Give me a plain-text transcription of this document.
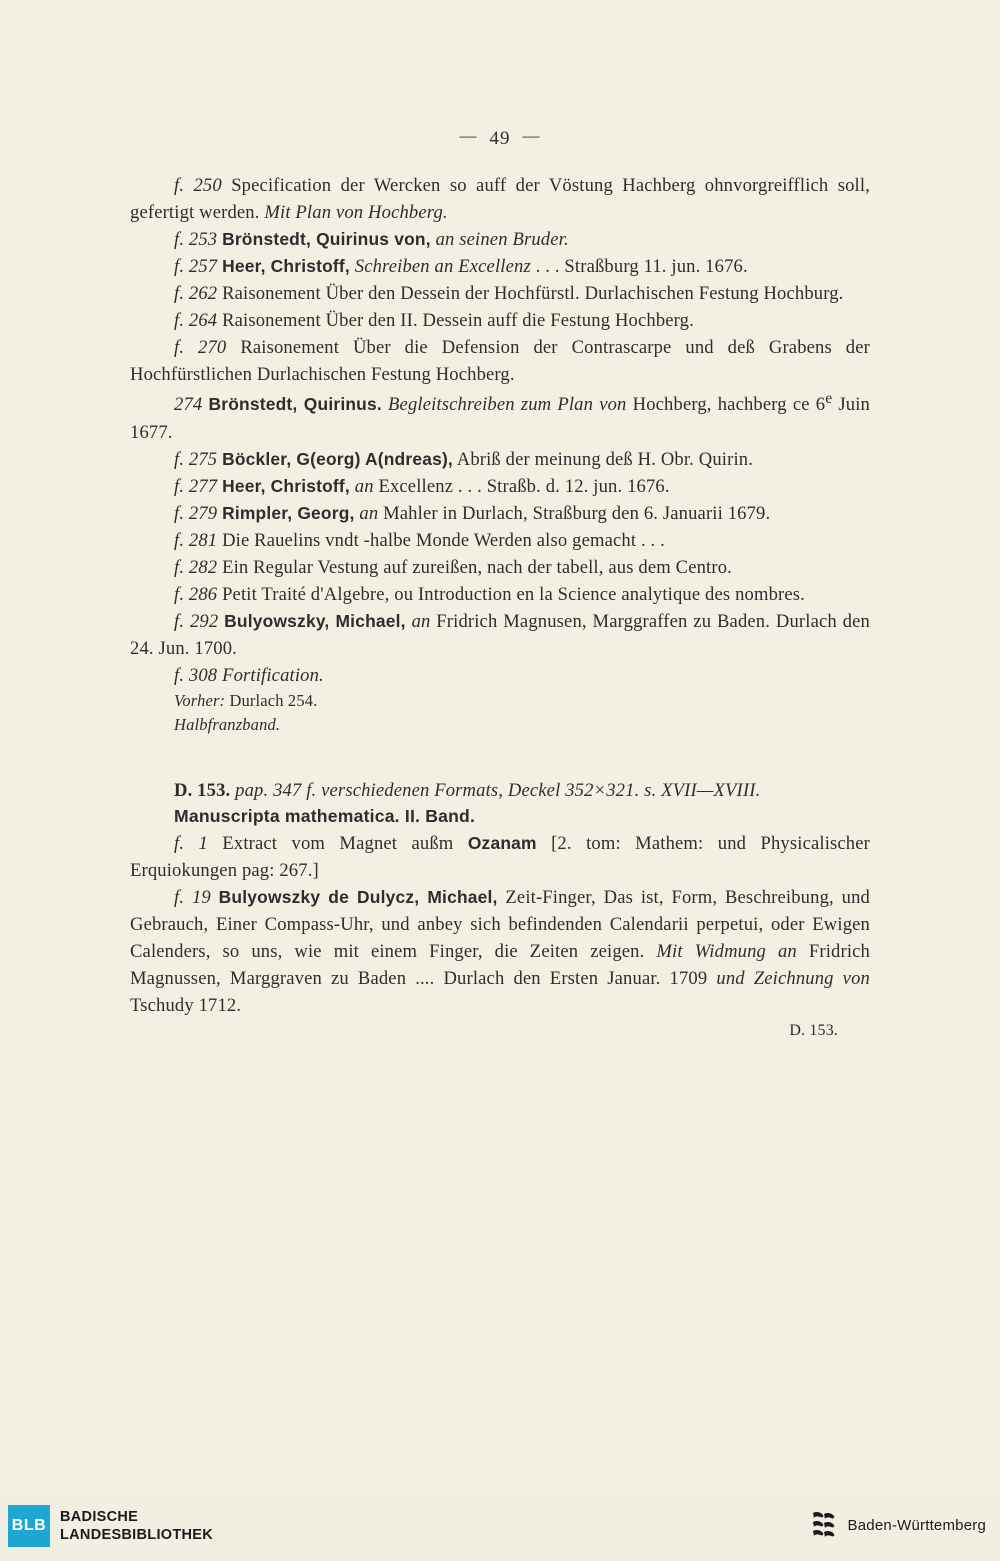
— 49 —

f. 250 Specification der Wercken so auff der Vöstung Hachberg ohnvorgreifflich soll, gefertigt werden. Mit Plan von Hochberg.

f. 253 Brönstedt, Quirinus von, an seinen Bruder.

f. 257 Heer, Christoff, Schreiben an Excellenz . . . Straßburg 11. jun. 1676.

f. 262 Raisonement Über den Dessein der Hochfürstl. Durlachischen Festung Hochburg.

f. 264 Raisonement Über den II. Dessein auff die Festung Hochberg.

f. 270 Raisonement Über die Defension der Contrascarpe und deß Grabens der Hochfürstlichen Durlachischen Festung Hochberg.

274 Brönstedt, Quirinus. Begleitschreiben zum Plan von Hochberg, hachberg ce 6e Juin 1677.

f. 275 Böckler, G(eorg) A(ndreas), Abriß der meinung deß H. Obr. Quirin.

f. 277 Heer, Christoff, an Excellenz . . . Straßb. d. 12. jun. 1676.

f. 279 Rimpler, Georg, an Mahler in Durlach, Straßburg den 6. Januarii 1679.

f. 281 Die Rauelins vndt -halbe Monde Werden also gemacht . . .

f. 282 Ein Regular Vestung auf zureißen, nach der tabell, aus dem Centro.

f. 286 Petit Traité d'Algebre, ou Introduction en la Science analytique des nombres.

f. 292 Bulyowszky, Michael, an Fridrich Magnusen, Marggraffen zu Baden. Durlach den 24. Jun. 1700.

f. 308 Fortification.

Vorher: Durlach 254.

Halbfranzband.

D. 153. pap. 347 f. verschiedenen Formats, Deckel 352×321. s. XVII—XVIII.

Manuscripta mathematica. II. Band.

f. 1 Extract vom Magnet außm Ozanam [2. tom: Mathem: und Physicalischer Erquiokungen pag: 267.]

f. 19 Bulyowszky de Dulycz, Michael, Zeit-Finger, Das ist, Form, Beschreibung, und Gebrauch, Einer Compass-Uhr, und anbey sich befindenden Calendarii perpetui, oder Ewigen Calenders, so uns, wie mit einem Finger, die Zeiten zeigen. Mit Widmung an Fridrich Magnussen, Marggraven zu Baden .... Durlach den Ersten Januar. 1709 und Zeichnung von Tschudy 1712.

D. 153.

BLB
BADISCHE
LANDESBIBLIOTHEK
Baden-Württemberg
